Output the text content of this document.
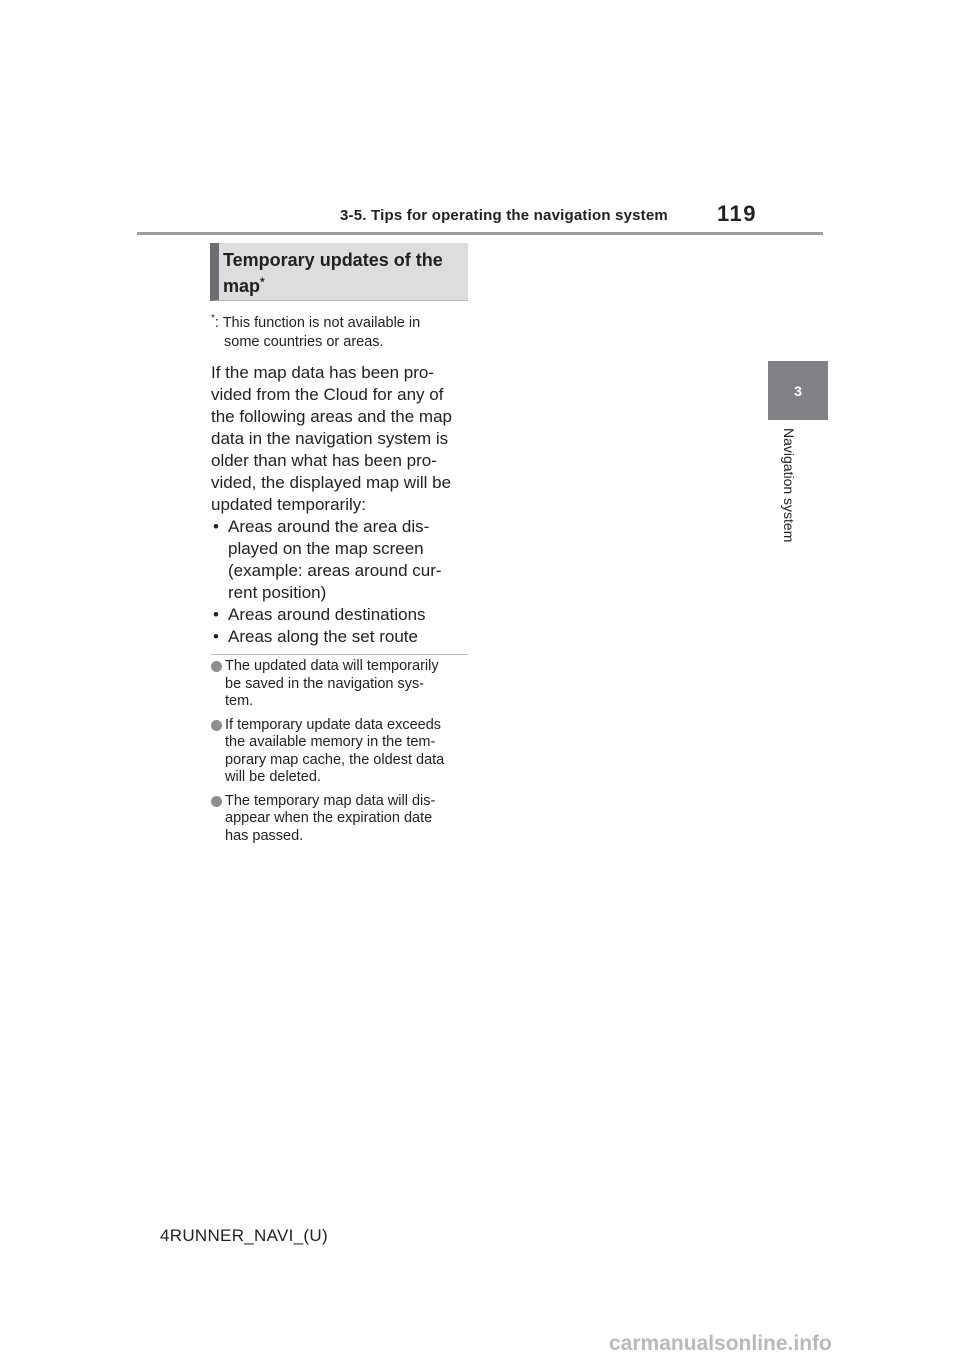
3-5. Tips for operating the navigation system 119
3
Navigation system
Temporary updates of the
map*
*: This function is not available in
some countries or areas.
If the map data has been pro-
vided from the Cloud for any of
the following areas and the map
data in the navigation system is
older than what has been pro-
vided, the displayed map will be
updated temporarily:
• Areas around the area dis-
played on the map screen
(example: areas around cur-
rent position)
• Areas around destinations
• Areas along the set route
The updated data will temporarily
be saved in the navigation sys-
tem.
If temporary update data exceeds
the available memory in the tem-
porary map cache, the oldest data
will be deleted.
The temporary map data will dis-
appear when the expiration date
has passed.
4RUNNER_NAVI_(U)
carmanualsonline.info
